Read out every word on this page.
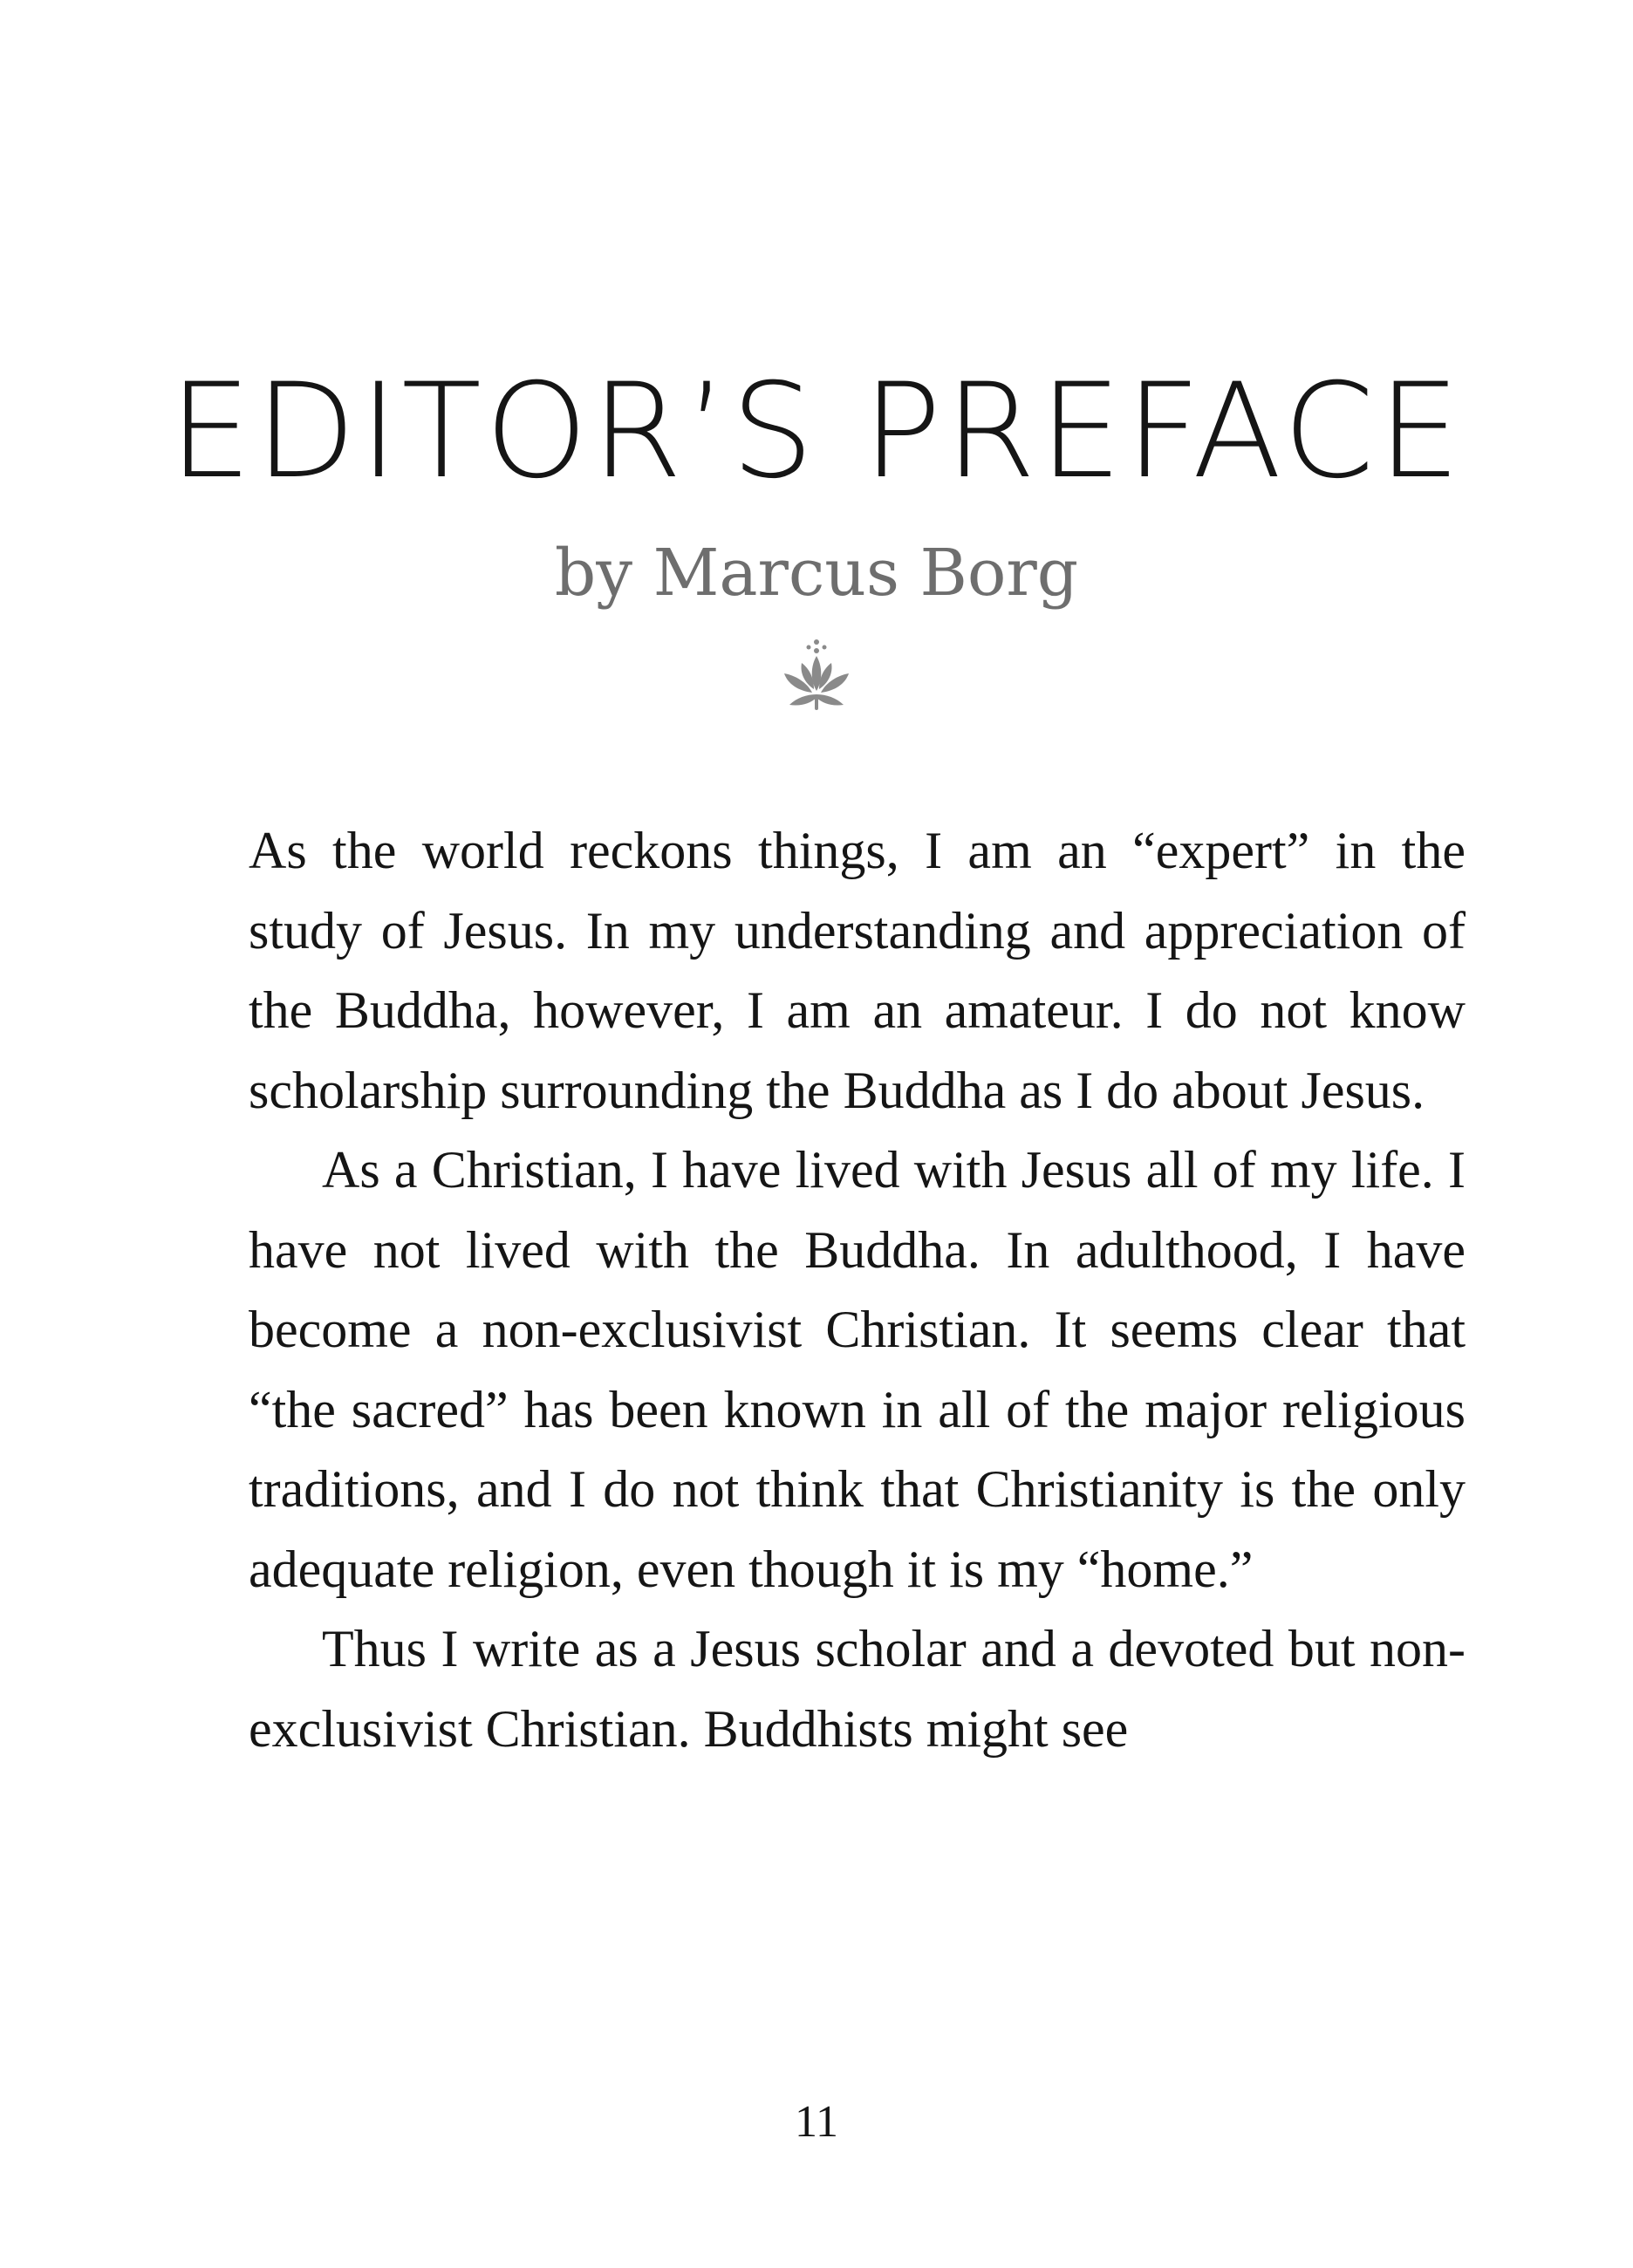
EDITOR’S PREFACE
by Marcus Borg

As the world reckons things, I am an “expert” in the study of Jesus. In my understanding and appreciation of the Buddha, however, I am an amateur. I do not know scholarship surrounding the Buddha as I do about Jesus.

As a Christian, I have lived with Jesus all of my life. I have not lived with the Buddha. In adulthood, I have become a non-exclusivist Christian. It seems clear that “the sacred” has been known in all of the major religious traditions, and I do not think that Christianity is the only adequate religion, even though it is my “home.”

Thus I write as a Jesus scholar and a devoted but non-exclusivist Christian. Buddhists might see

11
